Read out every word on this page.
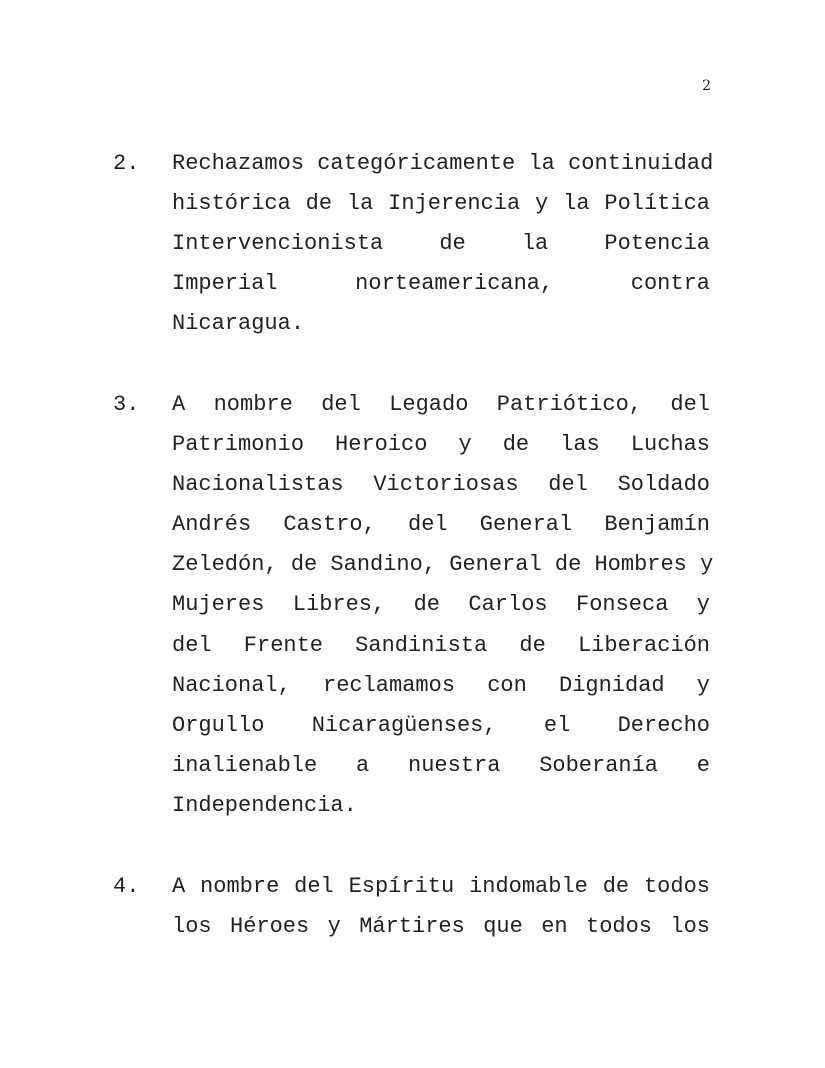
2
2. Rechazamos categóricamente la continuidad
histórica de la Injerencia y la Política
Intervencionista de la Potencia
Imperial norteamericana, contra
Nicaragua.
3. A nombre del Legado Patriótico, del
Patrimonio Heroico y de las Luchas
Nacionalistas Victoriosas del Soldado
Andrés Castro, del General Benjamín
Zeledón, de Sandino, General de Hombres y
Mujeres Libres, de Carlos Fonseca y
del Frente Sandinista de Liberación
Nacional, reclamamos con Dignidad y
Orgullo Nicaragüenses, el Derecho
inalienable a nuestra Soberanía e
Independencia.
4. A nombre del Espíritu indomable de todos
los Héroes y Mártires que en todos los
